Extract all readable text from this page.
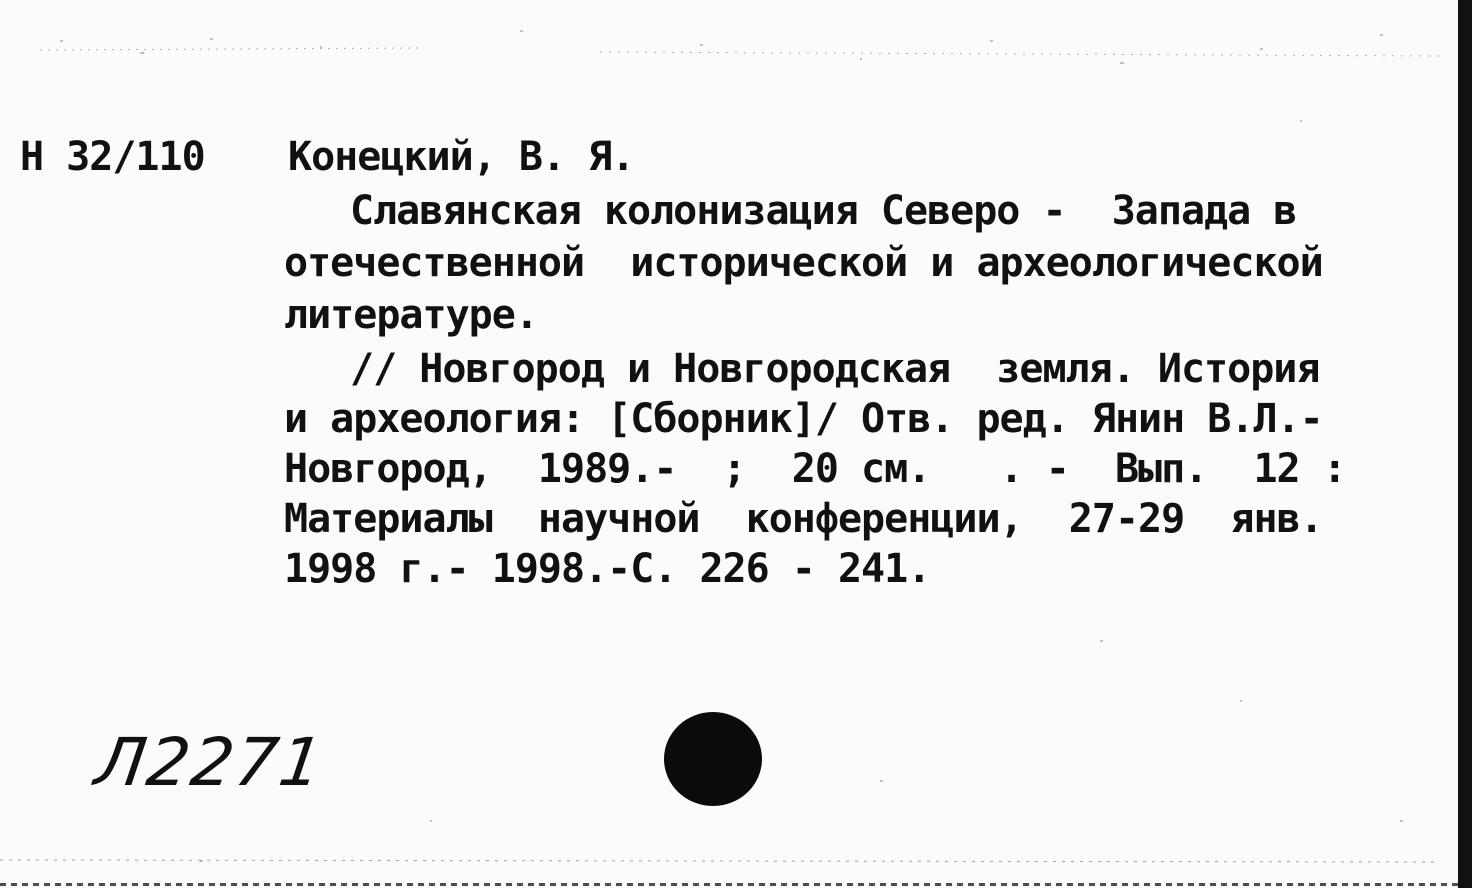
Н 32/110 Конецкий, В. Я.
Славянская колонизация Северо -  Запада в
отечественной  исторической и археологической
литературе.
// Новгород и Новгородская  земля. История
и археология: [Сборник]/ Отв. ред. Янин В.Л.-
Новгород,  1989.-  ;  20 см.   . -  Вып.  12 :
Материалы  научной  конференции,  27-29  янв.
1998 г.- 1998.-С. 226 - 241.
Л2271
